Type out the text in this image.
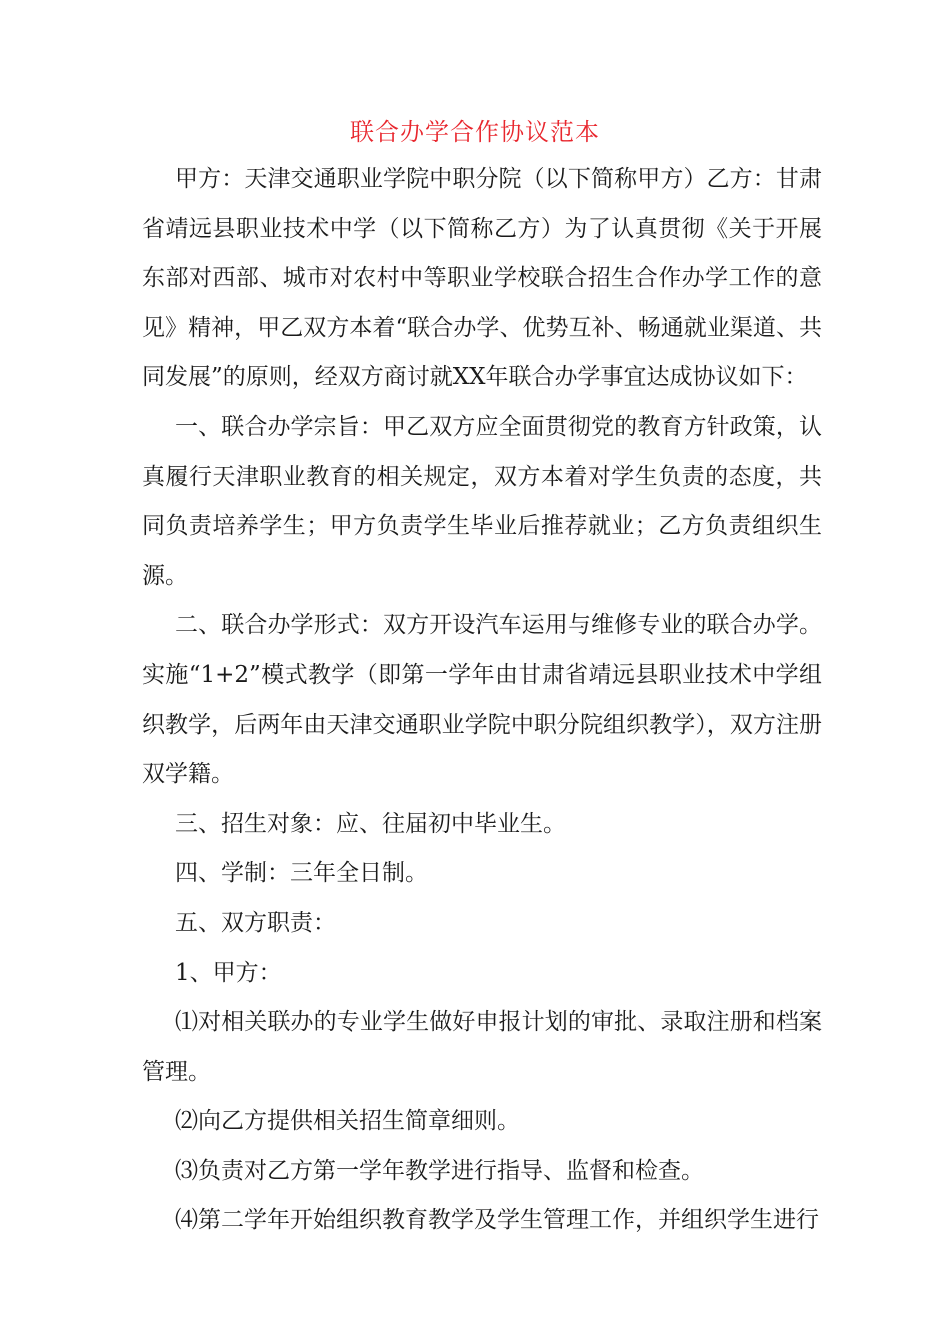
联合办学合作协议范本

甲方：天津交通职业学院中职分院（以下简称甲方）乙方：甘肃省靖远县职业技术中学（以下简称乙方）为了认真贯彻《关于开展东部对西部、城市对农村中等职业学校联合招生合作办学工作的意见》精神，甲乙双方本着“联合办学、优势互补、畅通就业渠道、共同发展”的原则，经双方商讨就XX年联合办学事宜达成协议如下：

一、联合办学宗旨：甲乙双方应全面贯彻党的教育方针政策，认真履行天津职业教育的相关规定，双方本着对学生负责的态度，共同负责培养学生；甲方负责学生毕业后推荐就业；乙方负责组织生源。

二、联合办学形式：双方开设汽车运用与维修专业的联合办学。实施“1+2”模式教学（即第一学年由甘肃省靖远县职业技术中学组织教学，后两年由天津交通职业学院中职分院组织教学），双方注册双学籍。

三、招生对象：应、往届初中毕业生。

四、学制：三年全日制。

五、双方职责：

1、甲方：

⑴对相关联办的专业学生做好申报计划的审批、录取注册和档案管理。

⑵向乙方提供相关招生简章细则。

⑶负责对乙方第一学年教学进行指导、监督和检查。

⑷第二学年开始组织教育教学及学生管理工作，并组织学生进行
